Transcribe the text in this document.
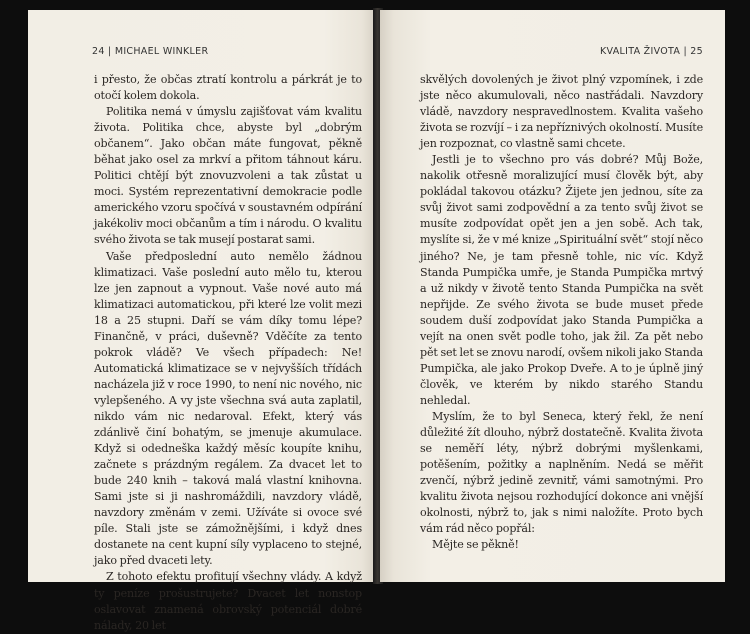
24 | MICHAEL WINKLER

i přesto, že občas ztratí kontrolu a párkrát je to otočí kolem dokola.

Politika nemá v úmyslu zajišťovat vám kvalitu života. Politika chce, abyste byl „dobrým občanem“. Jako občan máte fungovat, pěkně běhat jako osel za mrkví a přitom táhnout káru. Politici chtějí být znovuzvoleni a tak zůstat u moci. Systém reprezentativní demokracie podle amerického vzoru spočívá v soustavném odpírání jakékoliv moci občanům a tím i národu. O kvalitu svého života se tak musejí postarat sami.

Vaše předposlední auto nemělo žádnou klimatizaci. Vaše poslední auto mělo tu, kterou lze jen zapnout a vypnout. Vaše nové auto má klimatizaci automatickou, při které lze volit mezi 18 a 25 stupni. Daří se vám díky tomu lépe? Finančně, v práci, duševně? Vděčíte za tento pokrok vládě? Ve všech případech: Ne! Automatická klimatizace se v nejvyšších třídách nacházela již v roce 1990, to není nic nového, nic vylepšeného. A vy jste všechna svá auta zaplatil, nikdo vám nic nedaroval. Efekt, který vás zdánlivě činí bohatým, se jmenuje akumulace. Když si odedneška každý měsíc koupíte knihu, začnete s prázdným regálem. Za dvacet let to bude 240 knih – taková malá vlastní knihovna. Sami jste si ji nashromáždili, navzdory vládě, navzdory změnám v zemi. Užíváte si ovoce své píle. Stali jste se zámožnějšími, i když dnes dostanete na cent kupní síly vyplaceno to stejné, jako před dvaceti lety.

Z tohoto efektu profitují všechny vlády. A když ty peníze prošustrujete? Dvacet let nonstop oslavovat znamená obrovský potenciál dobré nálady, 20 let

KVALITA ŽIVOTA | 25

skvělých dovolených je život plný vzpomínek, i zde jste něco akumulovali, něco nastřádali. Navzdory vládě, navzdory nespravedlnostem. Kvalita vašeho života se rozvíjí – i za nepříznivých okolností. Musíte jen rozpoznat, co vlastně sami chcete.

Jestli je to všechno pro vás dobré? Můj Bože, nakolik otřesně moralizující musí člověk být, aby pokládal takovou otázku? Žijete jen jednou, síte za svůj život sami zodpovědní a za tento svůj život se musíte zodpovídat opět jen a jen sobě. Ach tak, myslíte si, že v mé knize „Spirituální svět“ stojí něco jiného? Ne, je tam přesně tohle, nic víc. Když Standa Pumpička umře, je Standa Pumpička mrtvý a už nikdy v životě tento Standa Pumpička na svět nepřijde. Ze svého života se bude muset přede soudem duší zodpovídat jako Standa Pumpička a vejít na onen svět podle toho, jak žil. Za pět nebo pět set let se znovu narodí, ovšem nikoli jako Standa Pumpička, ale jako Prokop Dveře. A to je úplně jiný člověk, ve kterém by nikdo starého Standu nehledal.

Myslím, že to byl Seneca, který řekl, že není důležité žít dlouho, nýbrž dostatečně. Kvalita života se neměří léty, nýbrž dobrými myšlenkami, potěšením, požitky a naplněním. Nedá se měřit zvenčí, nýbrž jedině zevnitř, vámi samotnými. Pro kvalitu života nejsou rozhodující dokonce ani vnější okolnosti, nýbrž to, jak s nimi naložíte. Proto bych vám rád něco popřál:

Mějte se pěkně!
